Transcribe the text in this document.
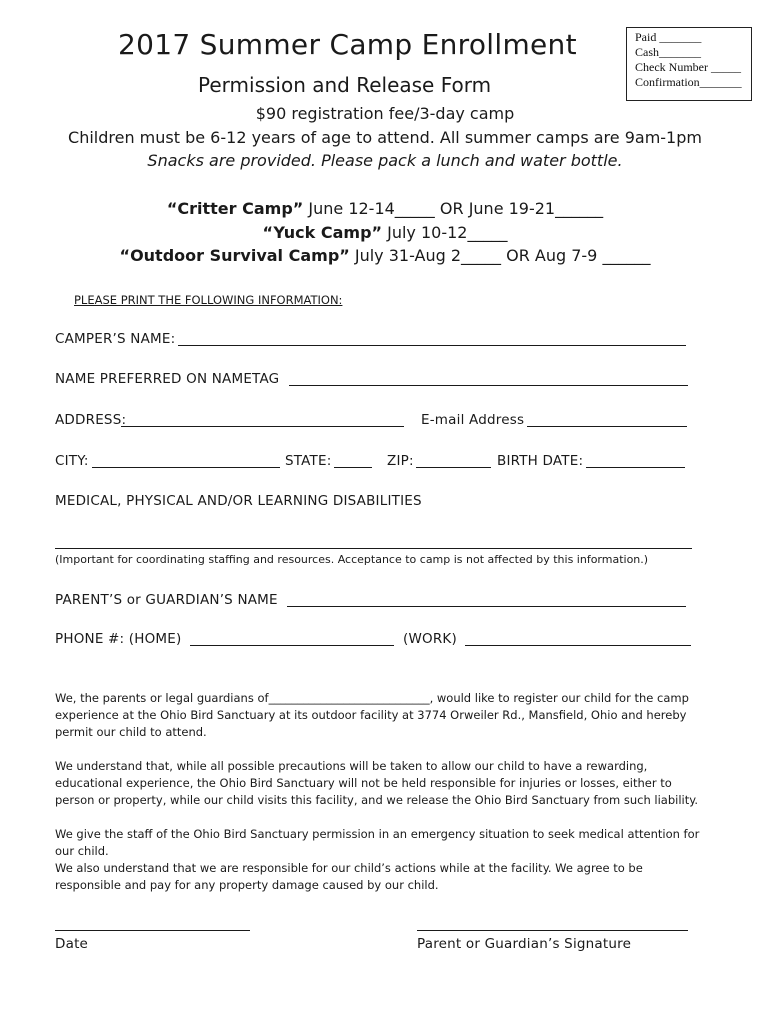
Paid _______
Cash_______
Check Number _____
Confirmation_______
2017 Summer Camp Enrollment
Permission and Release Form
$90 registration fee/3-day camp
Children must be 6-12 years of age to attend. All summer camps are 9am-1pm
Snacks are provided. Please pack a lunch and water bottle.
“Critter Camp” June 12-14_____ OR June 19-21______
“Yuck Camp” July 10-12_____
“Outdoor Survival Camp” July 31-Aug 2_____ OR Aug 7-9 ______
PLEASE PRINT THE FOLLOWING INFORMATION:
CAMPER’S NAME:
NAME PREFERRED ON NAMETAG
ADDRESS:	E-mail Address
CITY:	STATE:	ZIP:	BIRTH DATE:
MEDICAL, PHYSICAL AND/OR LEARNING DISABILITIES
(Important for coordinating staffing and resources. Acceptance to camp is not affected by this information.)
PARENT’S or GUARDIAN’S NAME
PHONE #: (HOME)	(WORK)
We, the parents or legal guardians of____________________________, would like to register our child for the camp experience at the Ohio Bird Sanctuary at its outdoor facility at 3774 Orweiler Rd., Mansfield, Ohio and hereby permit our child to attend.
We understand that, while all possible precautions will be taken to allow our child to have a rewarding, educational experience, the Ohio Bird Sanctuary will not be held responsible for injuries or losses, either to person or property, while our child visits this facility, and we release the Ohio Bird Sanctuary from such liability.
We give the staff of the Ohio Bird Sanctuary permission in an emergency situation to seek medical attention for our child.
We also understand that we are responsible for our child’s actions while at the facility. We agree to be responsible and pay for any property damage caused by our child.
Date	Parent or Guardian’s Signature
